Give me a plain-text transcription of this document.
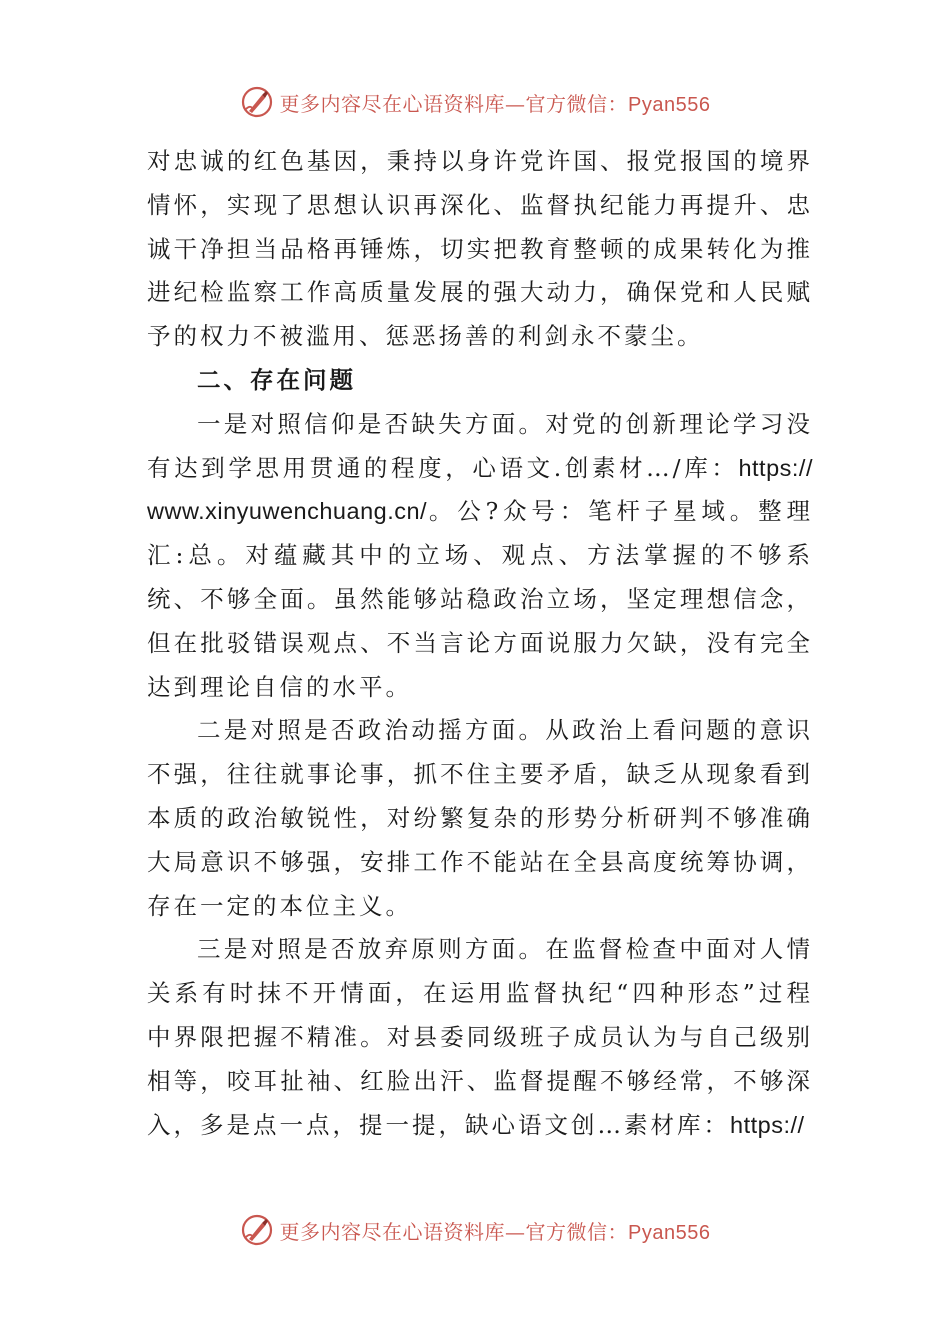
更多内容尽在心语资料库—官方微信：Pyan556

对忠诚的红色基因，秉持以身许党许国、报党报国的境界情怀，实现了思想认识再深化、监督执纪能力再提升、忠诚干净担当品格再锤炼，切实把教育整顿的成果转化为推进纪检监察工作高质量发展的强大动力，确保党和人民赋予的权力不被滥用、惩恶扬善的利剑永不蒙尘。

二、存在问题

一是对照信仰是否缺失方面。对党的创新理论学习没有达到学思用贯通的程度，心语文.创素材…/库：https://www.xinyuwenchuang.cn/。公?众号：笔杆子星域。整理汇:总。对蕴藏其中的立场、观点、方法掌握的不够系统、不够全面。虽然能够站稳政治立场，坚定理想信念，但在批驳错误观点、不当言论方面说服力欠缺，没有完全达到理论自信的水平。

二是对照是否政治动摇方面。从政治上看问题的意识不强，往往就事论事，抓不住主要矛盾，缺乏从现象看到本质的政治敏锐性，对纷繁复杂的形势分析研判不够准确大局意识不够强，安排工作不能站在全县高度统筹协调，存在一定的本位主义。

三是对照是否放弃原则方面。在监督检查中面对人情关系有时抹不开情面，在运用监督执纪“四种形态”过程中界限把握不精准。对县委同级班子成员认为与自己级别相等，咬耳扯袖、红脸出汗、监督提醒不够经常，不够深入，多是点一点，提一提，缺心语文创…素材库：https://

更多内容尽在心语资料库—官方微信：Pyan556
